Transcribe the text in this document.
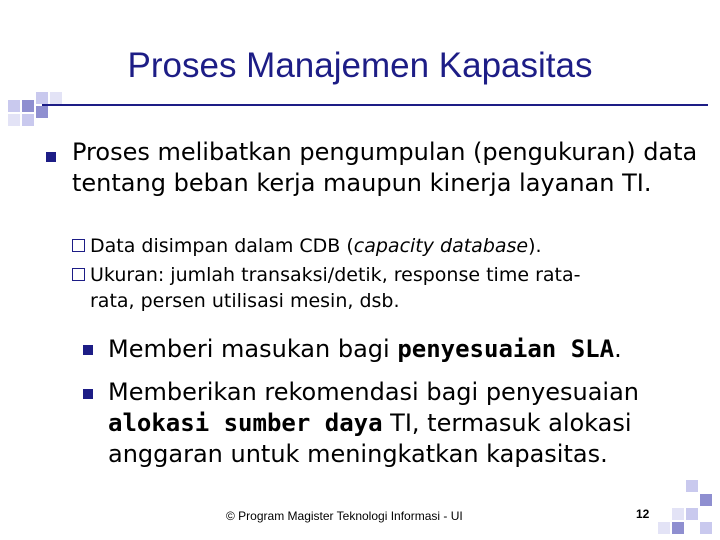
Proses Manajemen Kapasitas
Proses melibatkan pengumpulan (pengukuran) data tentang beban kerja maupun kinerja layanan TI.
Data disimpan dalam CDB (capacity database).
Ukuran: jumlah transaksi/detik, response time rata-
rata, persen utilisasi mesin, dsb.
Memberi masukan bagi penyesuaian SLA.
Memberikan rekomendasi bagi penyesuaian alokasi sumber daya TI, termasuk alokasi anggaran untuk meningkatkan kapasitas.
© Program Magister Teknologi Informasi - UI	12
